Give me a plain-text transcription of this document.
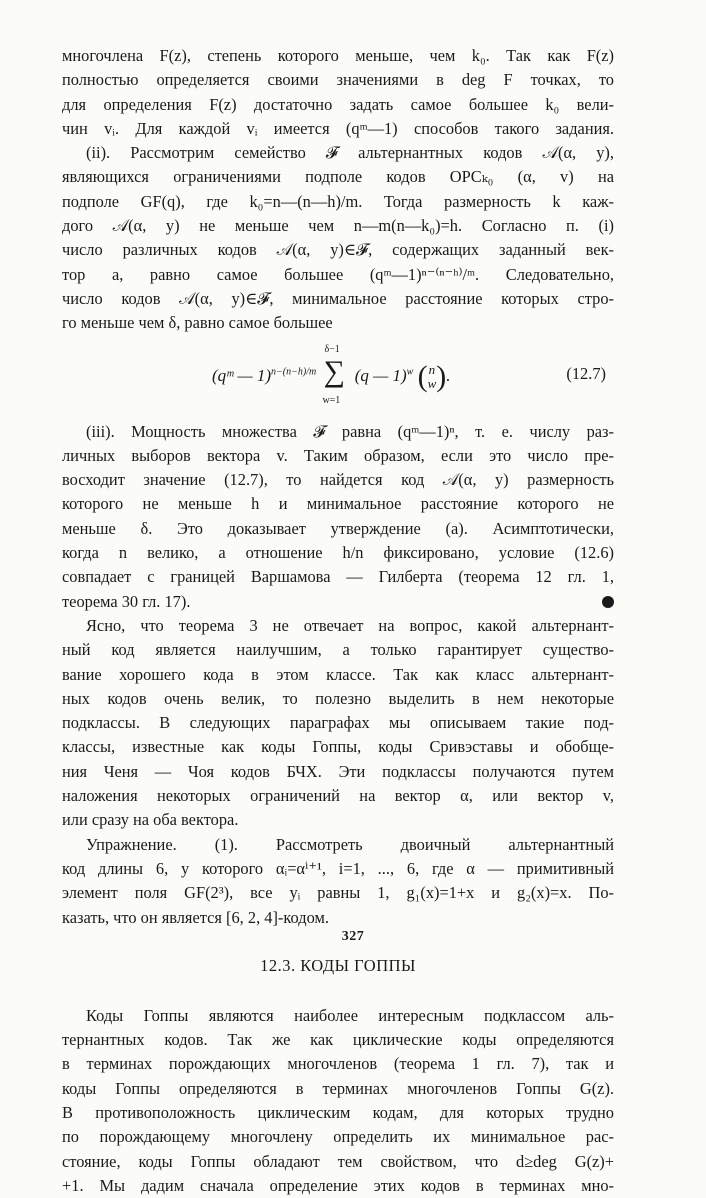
многочлена F(z), степень которого меньше, чем k₀. Так как F(z)
полностью определяется своими значениями в deg F точках, то
для определения F(z) достаточно задать самое большее k₀ вели-
чин vᵢ. Для каждой vᵢ имеется (qᵐ—1) способов такого задания.
(ii). Рассмотрим семейство 𝓕 альтернантных кодов 𝒜(α, y),
являющихся ограничениями подполе кодов OPCₖ₀ (α, v) на
подполе GF(q), где k₀=n—(n—h)/m. Тогда размерность k каж-
дого 𝒜(α, y) не меньше чем n—m(n—k₀)=h. Согласно п. (i)
число различных кодов 𝒜(α, y)∈𝓕, содержащих заданный век-
тор a, равно самое большее (qᵐ—1)ⁿ⁻⁽ⁿ⁻ʰ⁾/ᵐ. Следовательно,
число кодов 𝒜(α, y)∈𝓕, минимальное расстояние которых стро-
го меньше чем δ, равно самое большее
(qᵐ — 1)$^{n-(n-h)/m}$
δ−1
∑
w=1
(q — 1)$^w$ ( n
w ) .	(12.7)
(iii). Мощность множества 𝓕 равна (qᵐ—1)ⁿ, т. е. числу раз-
личных выборов вектора v. Таким образом, если это число пре-
восходит значение (12.7), то найдется код 𝒜(α, y) размерность
которого не меньше h и минимальное расстояние которого не
меньше δ. Это доказывает утверждение (а). Асимптотически,
когда n велико, а отношение h/n фиксировано, условие (12.6)
совпадает с границей Варшамова — Гилберта (теорема 12 гл. 1,
теорема 30 гл. 17).
Ясно, что теорема 3 не отвечает на вопрос, какой альтернант-
ный код является наилучшим, а только гарантирует существо-
вание хорошего кода в этом классе. Так как класс альтернант-
ных кодов очень велик, то полезно выделить в нем некоторые
подклассы. В следующих параграфах мы описываем такие под-
классы, известные как коды Гоппы, коды Сривэставы и обобще-
ния Ченя — Чоя кодов БЧХ. Эти подклассы получаются путем
наложения некоторых ограничений на вектор α, или вектор v,
или сразу на оба вектора.
Упражнение. (1). Рассмотреть двоичный альтернантный
код длины 6, у которого αᵢ=αⁱ⁺¹, i=1, ..., 6, где α — примитивный
элемент поля GF(2³), все yᵢ равны 1, g₁(x)=1+x и g₂(x)=x. По-
казать, что он является [6, 2, 4]-кодом.
12.3. КОДЫ ГОППЫ
Коды Гоппы являются наиболее интересным подклассом аль-
тернантных кодов. Так же как циклические коды определяются
в терминах порождающих многочленов (теорема 1 гл. 7), так и
коды Гоппы определяются в терминах многочленов Гоппы G(z).
В противоположность циклическим кодам, для которых трудно
по порождающему многочлену определить их минимальное рас-
стояние, коды Гоппы обладают тем свойством, что d≥deg G(z)+
+1. Мы дадим сначала определение этих кодов в терминах мно-
327
